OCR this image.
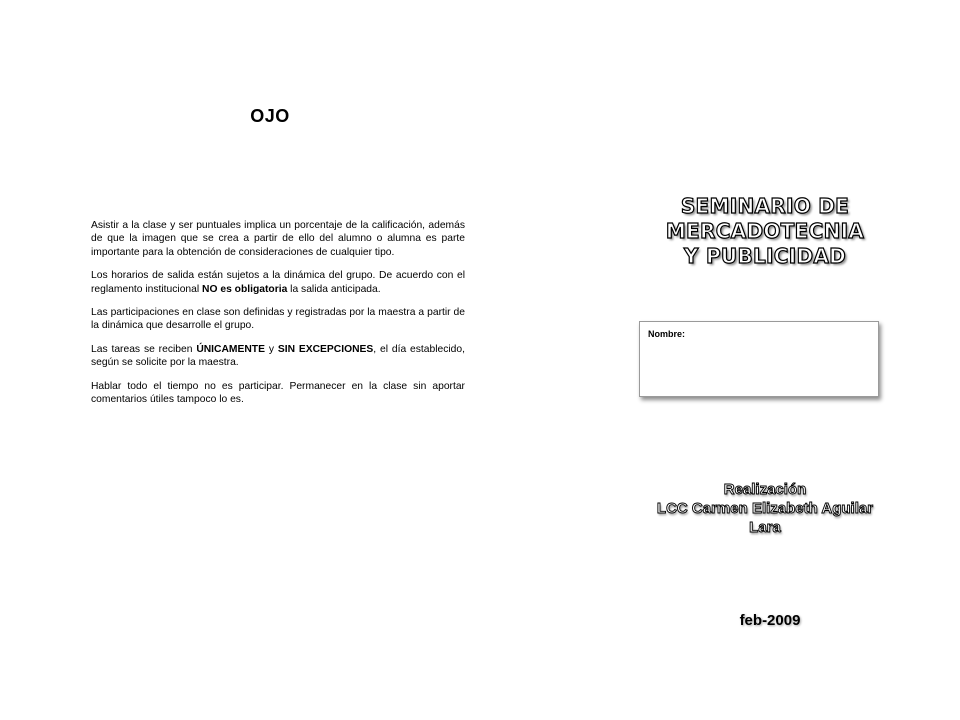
OJO

Asistir a la clase y ser puntuales implica un porcentaje de la calificación, además de que la imagen que se crea a partir de ello del alumno o alumna es parte importante para la obtención de consideraciones de cualquier tipo.

Los horarios de salida están sujetos a la dinámica del grupo. De acuerdo con el reglamento institucional NO es obligatoria la salida anticipada.

Las participaciones en clase son definidas y registradas por la maestra a partir de la dinámica que desarrolle el grupo.

Las tareas se reciben ÚNICAMENTE y SIN EXCEPCIONES, el día establecido, según se solicite por la maestra.

Hablar todo el tiempo no es participar. Permanecer en la clase sin aportar comentarios útiles tampoco lo es.

SEMINARIO DE
MERCADOTECNIA
Y PUBLICIDAD
Nombre:
Realización
LCC Carmen Elizabeth Aguilar
Lara
feb-2009
